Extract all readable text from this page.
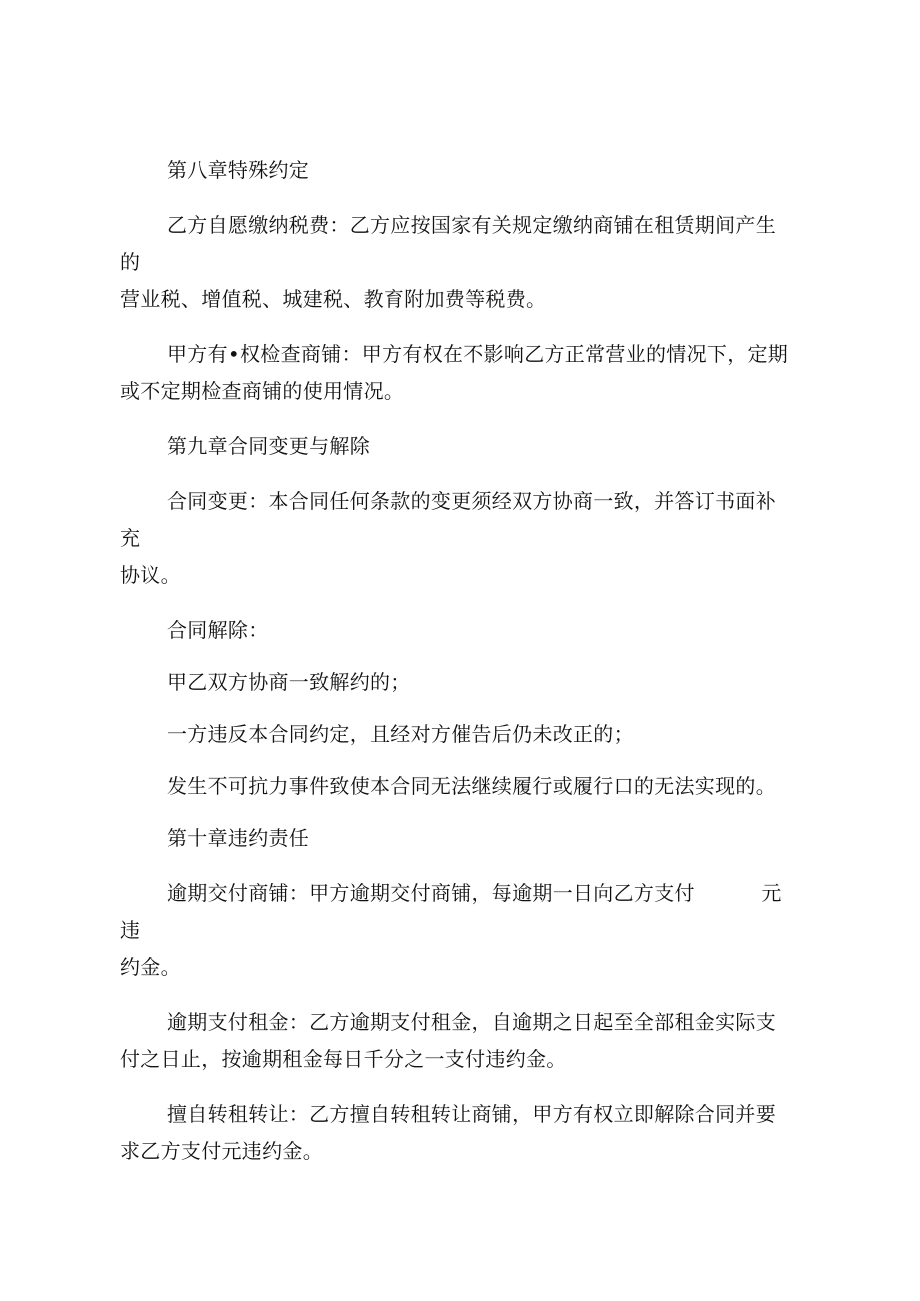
第八章特殊约定
乙方自愿缴纳税费：乙方应按国家有关规定缴纳商铺在租赁期间产生的
营业税、增值税、城建税、教育附加费等税费。
甲方有•权检查商铺：甲方有权在不影响乙方正常营业的情况下，定期
或不定期检查商铺的使用情况。
第九章合同变更与解除
合同变更：本合同任何条款的变更须经双方协商一致，并答订书面补充
协议。
合同解除：
甲乙双方协商一致解约的；
一方违反本合同约定，且经对方催告后仍未改正的；
发生不可抗力事件致使本合同无法继续履行或履行口的无法实现的。
第十章违约责任
逾期交付商铺：甲方逾期交付商铺，每逾期一日向乙方支付          元违
约金。
逾期支付租金：乙方逾期支付租金，自逾期之日起至全部租金实际支
付之日止，按逾期租金每日千分之一支付违约金。
擅自转租转让：乙方擅自转租转让商铺，甲方有权立即解除合同并要
求乙方支付元违约金。
